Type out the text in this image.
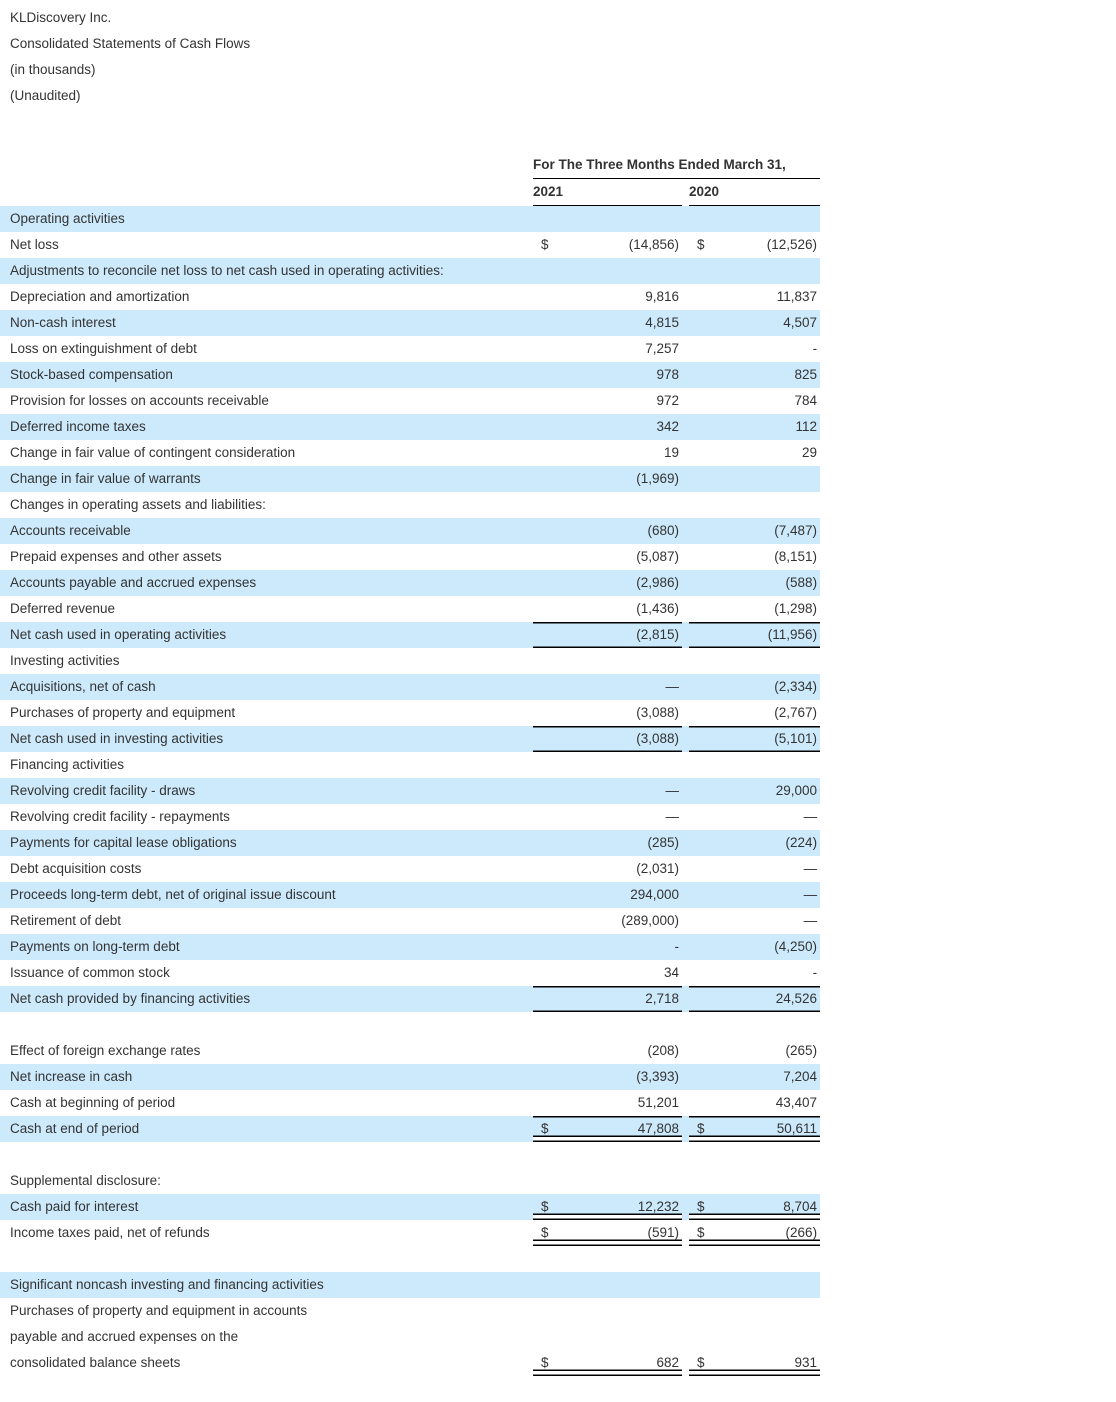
KLDiscovery Inc.
Consolidated Statements of Cash Flows
(in thousands)
(Unaudited)
	For The Three Months Ended March 31,					
	2021			2020		
Operating activities						
Net loss	$	(14,856)		$	(12,526)	
Adjustments to reconcile net loss to net cash used in operating activities:						
Depreciation and amortization		9,816			11,837	
Non-cash interest		4,815			4,507	
Loss on extinguishment of debt		7,257			-	
Stock-based compensation		978			825	
Provision for losses on accounts receivable		972			784	
Deferred income taxes		342			112	
Change in fair value of contingent consideration		19			29	
Change in fair value of warrants		(1,969)				
Changes in operating assets and liabilities:						
Accounts receivable		(680)			(7,487)	
Prepaid expenses and other assets		(5,087)			(8,151)	
Accounts payable and accrued expenses		(2,986)			(588)	
Deferred revenue		(1,436)			(1,298)	
Net cash used in operating activities		(2,815)			(11,956)	
Investing activities						
Acquisitions, net of cash		—			(2,334)	
Purchases of property and equipment		(3,088)			(2,767)	
Net cash used in investing activities		(3,088)			(5,101)	
Financing activities						
Revolving credit facility - draws		—			29,000	
Revolving credit facility - repayments		—			—	
Payments for capital lease obligations		(285)			(224)	
Debt acquisition costs		(2,031)			—	
Proceeds long-term debt, net of original issue discount		294,000			—	
Retirement of debt		(289,000)			—	
Payments on long-term debt		-			(4,250)	
Issuance of common stock		34			-	
Net cash provided by financing activities		2,718			24,526	

Effect of foreign exchange rates		(208)			(265)	
Net increase in cash		(3,393)			7,204	
Cash at beginning of period		51,201			43,407	
Cash at end of period	$	47,808		$	50,611	

Supplemental disclosure:						
Cash paid for interest	$	12,232		$	8,704	
Income taxes paid, net of refunds	$	(591)		$	(266)	

Significant noncash investing and financing activities						
Purchases of property and equipment in accounts						
payable and accrued expenses on the						
consolidated balance sheets	$	682		$	931	
